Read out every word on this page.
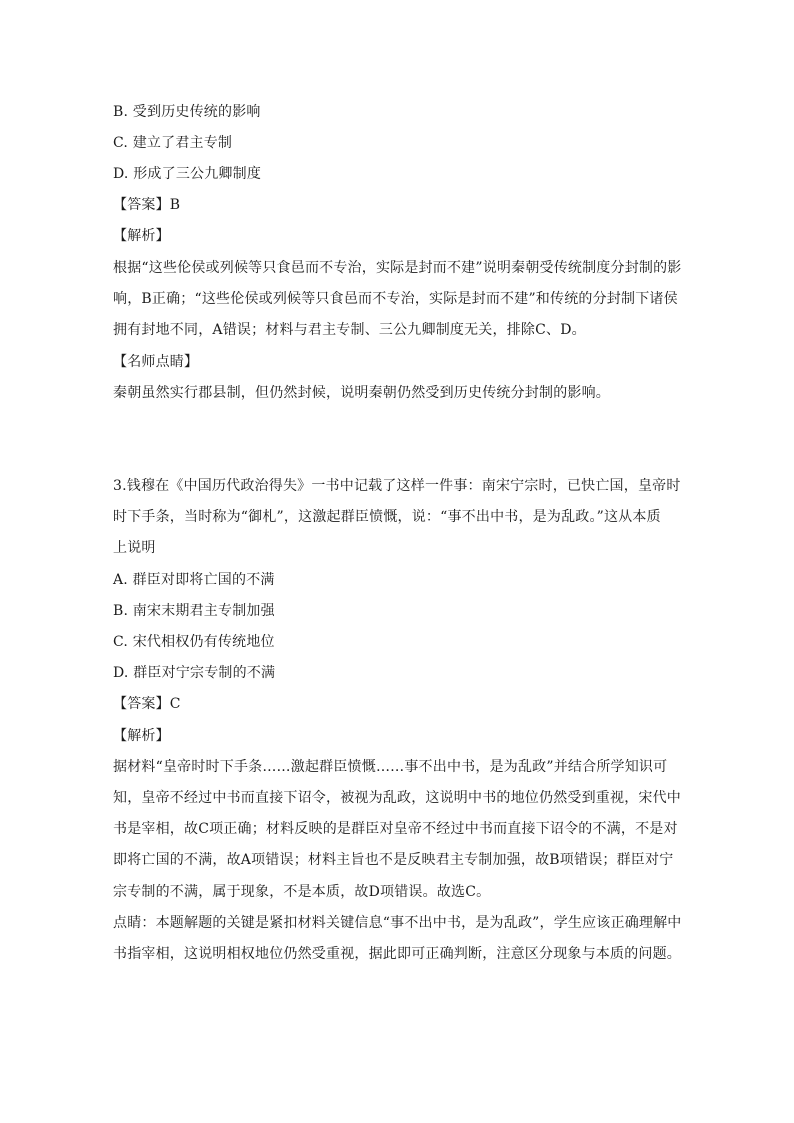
B. 受到历史传统的影响
C. 建立了君主专制
D. 形成了三公九卿制度
【答案】B
【解析】
根据“这些伦侯或列候等只食邑而不专治，实际是封而不建”说明秦朝受传统制度分封制的影
响，B正确；“这些伦侯或列候等只食邑而不专治，实际是封而不建”和传统的分封制下诸侯
拥有封地不同，A错误；材料与君主专制、三公九卿制度无关，排除C、D。
【名师点睛】
秦朝虽然实行郡县制，但仍然封候，说明秦朝仍然受到历史传统分封制的影响。
3.钱穆在《中国历代政治得失》一书中记载了这样一件事：南宋宁宗时，已快亡国，皇帝时
时下手条，当时称为“御札”，这激起群臣愤慨，说：“事不出中书，是为乱政。”这从本质
上说明
A. 群臣对即将亡国的不满
B. 南宋末期君主专制加强
C. 宋代相权仍有传统地位
D. 群臣对宁宗专制的不满
【答案】C
【解析】
据材料“皇帝时时下手条……激起群臣愤慨……事不出中书，是为乱政”并结合所学知识可
知，皇帝不经过中书而直接下诏令，被视为乱政，这说明中书的地位仍然受到重视，宋代中
书是宰相，故C项正确；材料反映的是群臣对皇帝不经过中书而直接下诏令的不满，不是对
即将亡国的不满，故A项错误；材料主旨也不是反映君主专制加强，故B项错误；群臣对宁
宗专制的不满，属于现象，不是本质，故D项错误。故选C。
点睛：本题解题的关键是紧扣材料关键信息“事不出中书，是为乱政”，学生应该正确理解中
书指宰相，这说明相权地位仍然受重视，据此即可正确判断，注意区分现象与本质的问题。
